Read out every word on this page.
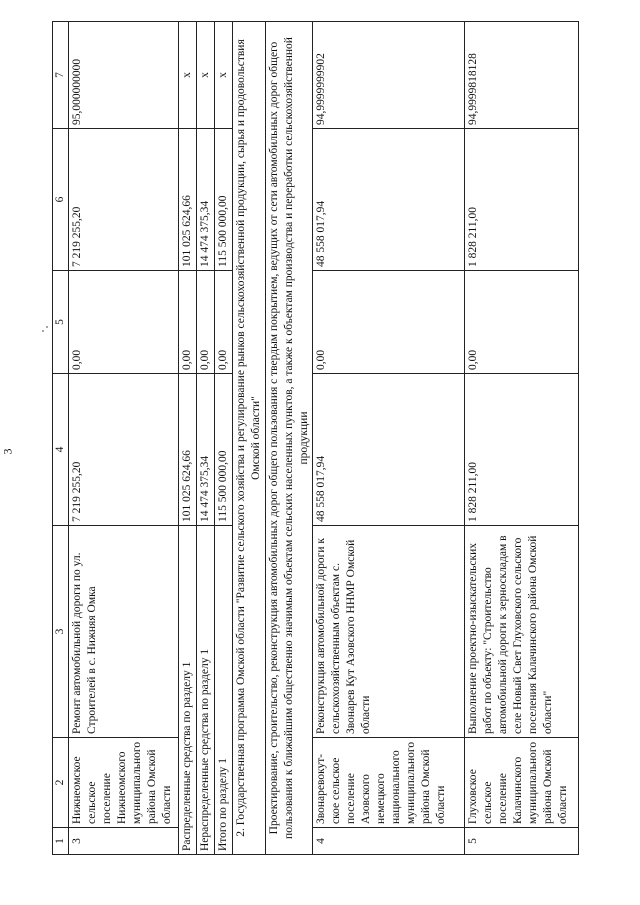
3
1	2	3	4	5	6	7
3	Нижнеомское сельское поселение Нижнеомского муниципального района Омской области	Ремонт автомобильной дороги по ул. Строителей в с. Нижняя Омка	7 219 255,20	0,00	7 219 255,20	95,000000000
Распределенные средства по разделу 1			101 025 624,66	0,00	101 025 624,66	x
Нераспределенные средства по разделу 1			14 474 375,34	0,00	14 474 375,34	x
Итого по разделу 1			115 500 000,00	0,00	115 500 000,00	x
2. Государственная программа Омской области "Развитие сельского хозяйства и регулирование рынков сельскохозяйственной продукции, сырья и продовольствия Омской области"						
Проектирование, строительство, реконструкция автомобильных дорог общего пользования с твердым покрытием, ведущих от сети автомобильных дорог общего пользования к ближайшим общественно значимым объектам сельских населенных пунктов, а также к объектам производства и переработки сельскохозяйственной продукции						
4	Звонаревокут-ское сельское поселение Азовского немецкого национального муниципального района Омской области	Реконструкция автомобильной дороги к сельскохозяйственным объектам с. Звонарев Кут Азовского ННМР Омской области	48 558 017,94	0,00	48 558 017,94	94,9999999902
5	Глуховское сельское поселение Калачинского муниципального района Омской области	Выполнение проектно-изыскательских работ по объекту: "Строительство автомобильной дороги к зерноскладам в селе Новый Свет Глуховского сельского поселения Калачинского района Омской области"	1 828 211,00	0,00	1 828 211,00	94,9999818128
